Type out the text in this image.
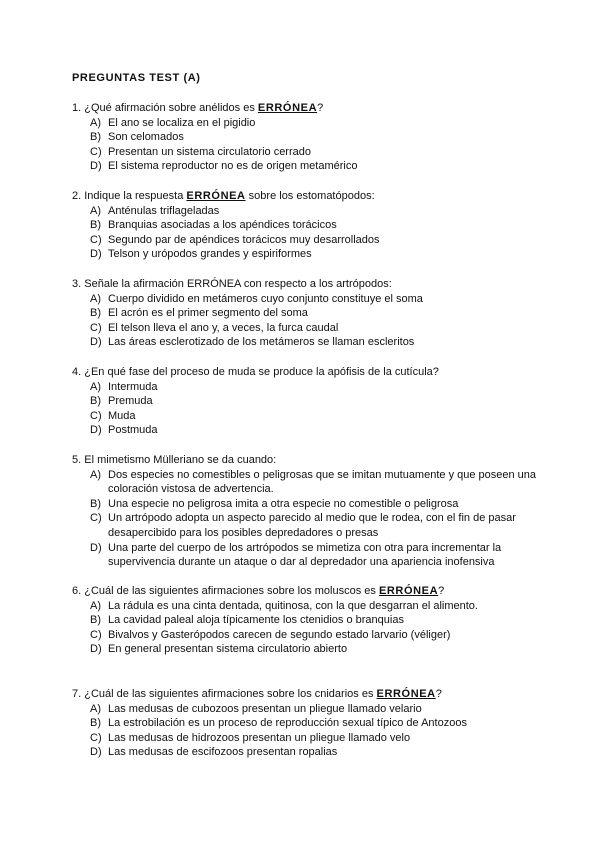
PREGUNTAS TEST (A)
1. ¿Qué afirmación sobre anélidos es ERRÓNEA?
A) El ano se localiza en el pigidio
B) Son celomados
C) Presentan un sistema circulatorio cerrado
D) El sistema reproductor no es de origen metamérico
2. Indique la respuesta ERRÓNEA sobre los estomatópodos:
A) Anténulas triflageladas
B) Branquias asociadas a los apéndices torácicos
C) Segundo par de apéndices torácicos muy desarrollados
D) Telson y urópodos grandes y espiriformes
3. Señale la afirmación ERRÓNEA con respecto a los artrópodos:
A) Cuerpo dividido en metámeros cuyo conjunto constituye el soma
B) El acrón es el primer segmento del soma
C) El telson lleva el ano y, a veces, la furca caudal
D) Las áreas esclerotizado de los metámeros se llaman escleritos
4. ¿En qué fase del proceso de muda se produce la apófisis de la cutícula?
A) Intermuda
B) Premuda
C) Muda
D) Postmuda
5. El mimetismo Mülleriano se da cuando:
A) Dos especies no comestibles o peligrosas que se imitan mutuamente y que poseen una coloración vistosa de advertencia.
B) Una especie no peligrosa imita a otra especie no comestible o peligrosa
C) Un artrópodo adopta un aspecto parecido al medio que le rodea, con el fin de pasar desapercibido para los posibles depredadores o presas
D) Una parte del cuerpo de los artrópodos se mimetiza con otra para incrementar la supervivencia durante un ataque o dar al depredador una apariencia inofensiva
6. ¿Cuál de las siguientes afirmaciones sobre los moluscos es ERRÓNEA?
A) La rádula es una cinta dentada, quitinosa, con la que desgarran el alimento.
B) La cavidad paleal aloja típicamente los ctenidios o branquias
C) Bivalvos y Gasterópodos carecen de segundo estado larvario (véliger)
D) En general presentan sistema circulatorio abierto
7. ¿Cuál de las siguientes afirmaciones sobre los cnidarios es ERRÓNEA?
A) Las medusas de cubozoos presentan un pliegue llamado velario
B) La estrobilación es un proceso de reproducción sexual típico de Antozoos
C) Las medusas de hidrozoos presentan un pliegue llamado velo
D) Las medusas de escifozoos presentan ropalias
